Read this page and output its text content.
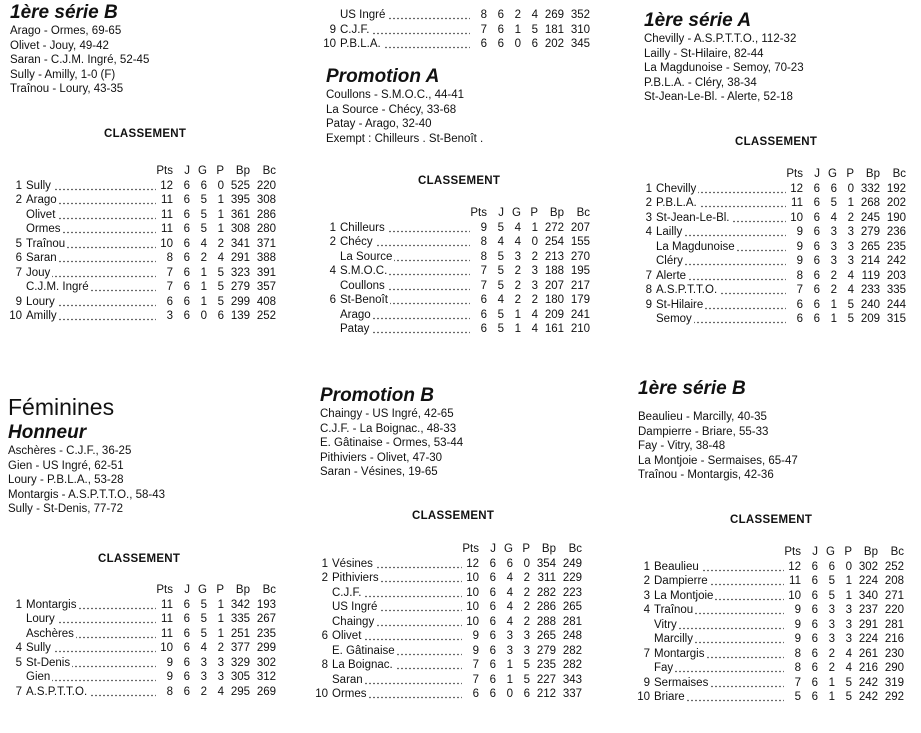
1ère série B
Arago - Ormes, 69-65
Olivet - Jouy, 49-42
Saran - C.J.M. Ingré, 52-45
Sully - Amilly, 1-0 (F)
Traînou - Loury, 43-35
CLASSEMENT
		Pts	J	G	P	Bp	Bc
1	Sully	12	6	6	0	525	220
2	Arago	11	6	5	1	395	308
	Olivet	11	6	5	1	361	286
	Ormes	11	6	5	1	308	280
5	Traînou	10	6	4	2	341	371
6	Saran	8	6	2	4	291	388
7	Jouy	7	6	1	5	323	391
	C.J.M. Ingré	7	6	1	5	279	357
9	Loury	6	6	1	5	299	408
10	Amilly	3	6	0	6	139	252
Féminines
Honneur
Aschères - C.J.F., 36-25
Gien - US Ingré, 62-51
Loury - P.B.L.A., 53-28
Montargis - A.S.P.T.T.O., 58-43
Sully - St-Denis, 77-72
CLASSEMENT
		Pts	J	G	P	Bp	Bc
1	Montargis	11	6	5	1	342	193
	Loury	11	6	5	1	335	267
	Aschères	11	6	5	1	251	235
4	Sully	10	6	4	2	377	299
5	St-Denis	9	6	3	3	329	302
	Gien	9	6	3	3	305	312
7	A.S.P.T.T.O.	8	6	2	4	295	269
	US Ingré	8	6	2	4	269	352
9	C.J.F.	7	6	1	5	181	310
10	P.B.L.A.	6	6	0	6	202	345
Promotion A
Coullons - S.M.O.C., 44-41
La Source - Chécy, 33-68
Patay - Arago, 32-40
Exempt : Chilleurs . St-Benoît .
CLASSEMENT
		Pts	J	G	P	Bp	Bc
1	Chilleurs	9	5	4	1	272	207
2	Chécy	8	4	4	0	254	155
	La Source	8	5	3	2	213	270
4	S.M.O.C.	7	5	2	3	188	195
	Coullons	7	5	2	3	207	217
6	St-Benoît	6	4	2	2	180	179
	Arago	6	5	1	4	209	241
	Patay	6	5	1	4	161	210
Promotion B
Chaingy - US Ingré, 42-65
C.J.F. - La Boignac., 48-33
E. Gâtinaise - Ormes, 53-44
Pithiviers - Olivet, 47-30
Saran - Vésines, 19-65
CLASSEMENT
		Pts	J	G	P	Bp	Bc
1	Vésines	12	6	6	0	354	249
2	Pithiviers	10	6	4	2	311	229
	C.J.F.	10	6	4	2	282	223
	US Ingré	10	6	4	2	286	265
	Chaingy	10	6	4	2	288	281
6	Olivet	9	6	3	3	265	248
	E. Gâtinaise	9	6	3	3	279	282
8	La Boignac.	7	6	1	5	235	282
	Saran	7	6	1	5	227	343
10	Ormes	6	6	0	6	212	337
1ère série A
Chevilly - A.S.P.T.T.O., 112-32
Lailly - St-Hilaire, 82-44
La Magdunoise - Semoy, 70-23
P.B.L.A. - Cléry, 38-34
St-Jean-Le-Bl. - Alerte, 52-18
CLASSEMENT
		Pts	J	G	P	Bp	Bc
1	Chevilly	12	6	6	0	332	192
2	P.B.L.A.	11	6	5	1	268	202
3	St-Jean-Le-Bl.	10	6	4	2	245	190
4	Lailly	9	6	3	3	279	236
	La Magdunoise	9	6	3	3	265	235
	Cléry	9	6	3	3	214	242
7	Alerte	8	6	2	4	119	203
8	A.S.P.T.T.O.	7	6	2	4	233	335
9	St-Hilaire	6	6	1	5	240	244
	Semoy	6	6	1	5	209	315
1ère série B
Beaulieu - Marcilly, 40-35
Dampierre - Briare, 55-33
Fay - Vitry, 38-48
La Montjoie - Sermaises, 65-47
Traînou - Montargis, 42-36
CLASSEMENT
		Pts	J	G	P	Bp	Bc
1	Beaulieu	12	6	6	0	302	252
2	Dampierre	11	6	5	1	224	208
3	La Montjoie	10	6	5	1	340	271
4	Traînou	9	6	3	3	237	220
	Vitry	9	6	3	3	291	281
	Marcilly	9	6	3	3	224	216
7	Montargis	8	6	2	4	261	230
	Fay	8	6	2	4	216	290
9	Sermaises	7	6	1	5	242	319
10	Briare	5	6	1	5	242	292
